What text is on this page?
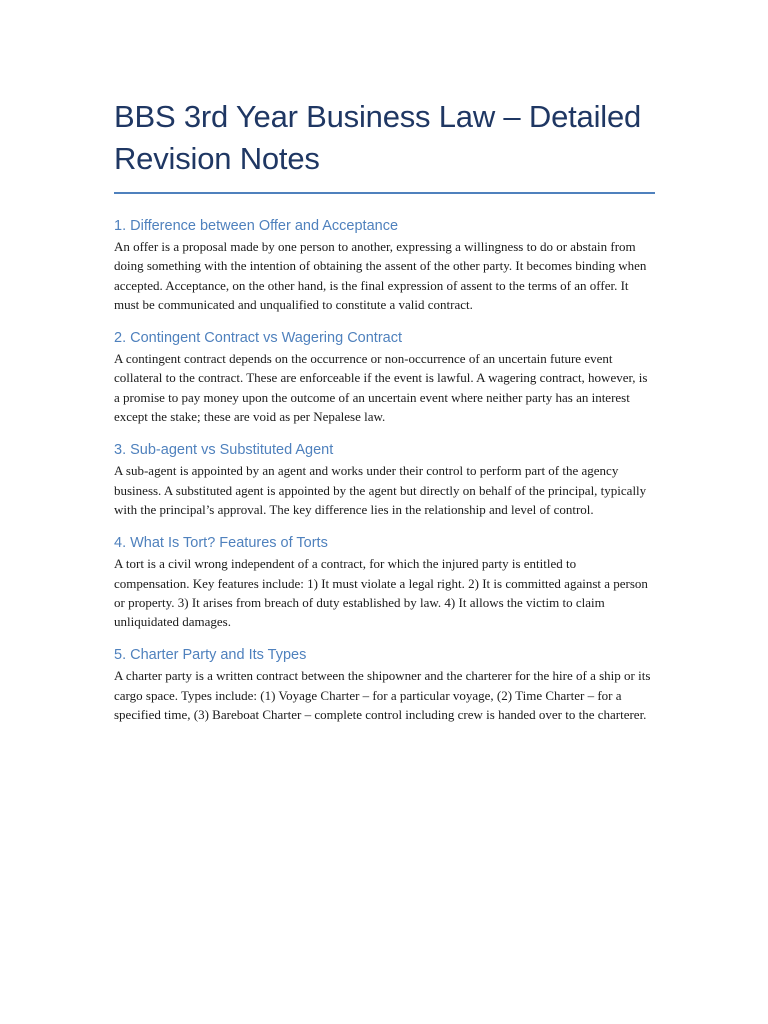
BBS 3rd Year Business Law – Detailed Revision Notes
1. Difference between Offer and Acceptance

An offer is a proposal made by one person to another, expressing a willingness to do or abstain from doing something with the intention of obtaining the assent of the other party. It becomes binding when accepted. Acceptance, on the other hand, is the final expression of assent to the terms of an offer. It must be communicated and unqualified to constitute a valid contract.

2. Contingent Contract vs Wagering Contract

A contingent contract depends on the occurrence or non-occurrence of an uncertain future event collateral to the contract. These are enforceable if the event is lawful. A wagering contract, however, is a promise to pay money upon the outcome of an uncertain event where neither party has an interest except the stake; these are void as per Nepalese law.

3. Sub-agent vs Substituted Agent

A sub-agent is appointed by an agent and works under their control to perform part of the agency business. A substituted agent is appointed by the agent but directly on behalf of the principal, typically with the principal’s approval. The key difference lies in the relationship and level of control.

4. What Is Tort? Features of Torts

A tort is a civil wrong independent of a contract, for which the injured party is entitled to compensation. Key features include: 1) It must violate a legal right. 2) It is committed against a person or property. 3) It arises from breach of duty established by law. 4) It allows the victim to claim unliquidated damages.

5. Charter Party and Its Types

A charter party is a written contract between the shipowner and the charterer for the hire of a ship or its cargo space. Types include: (1) Voyage Charter – for a particular voyage, (2) Time Charter – for a specified time, (3) Bareboat Charter – complete control including crew is handed over to the charterer.
